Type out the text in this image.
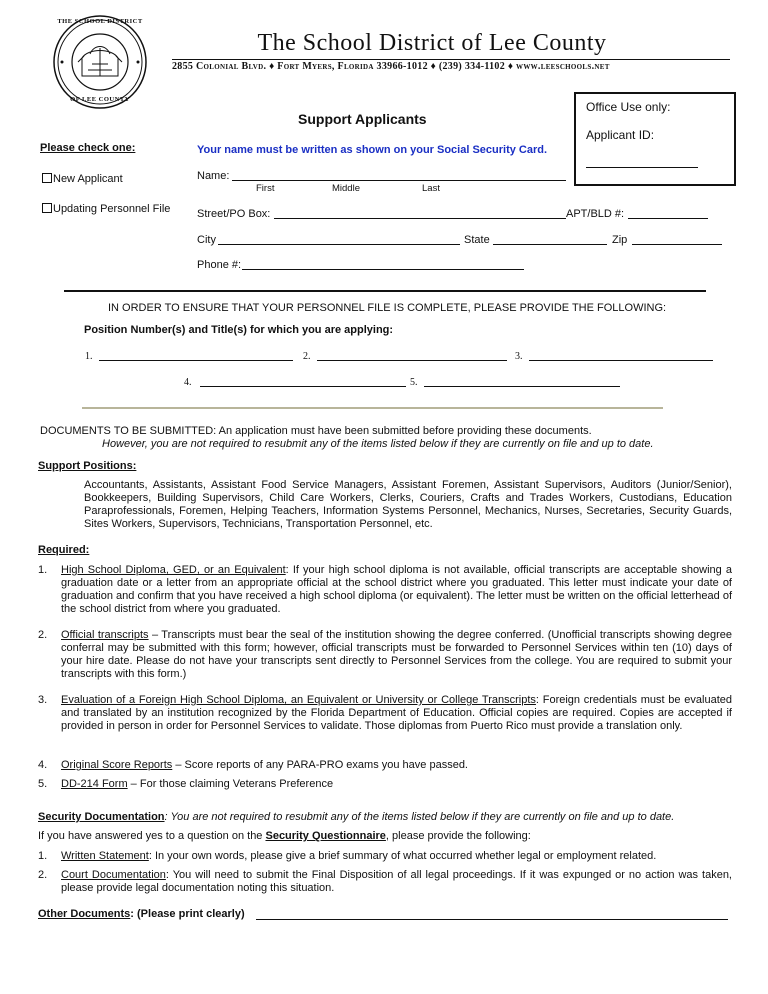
THE SCHOOL DISTRICT
OF LEE COUNTY
The School District of Lee County
2855 Colonial Blvd. ♦ Fort Myers, Florida 33966-1012 ♦ (239) 334-1102 ♦ www.leeschools.net
Office Use only:
Applicant ID:
Support Applicants
Please check one:
New Applicant
Updating Personnel File
Your name must be written as shown on your Social Security Card.
Name:
First	Middle	Last
Street/PO Box:	APT/BLD #:
City	State	Zip
Phone #:
IN ORDER TO ENSURE THAT YOUR PERSONNEL FILE IS COMPLETE, PLEASE PROVIDE THE FOLLOWING:
Position Number(s) and Title(s) for which you are applying:
1.	2.	3.
4.	5.
DOCUMENTS TO BE SUBMITTED: An application must have been submitted before providing these documents.
However, you are not required to resubmit any of the items listed below if they are currently on file and up to date.
Support Positions:
Accountants, Assistants, Assistant Food Service Managers, Assistant Foremen, Assistant Supervisors, Auditors (Junior/Senior), Bookkeepers, Building Supervisors, Child Care Workers, Clerks, Couriers, Crafts and Trades Workers, Custodians, Education Paraprofessionals, Foremen, Helping Teachers, Information Systems Personnel, Mechanics, Nurses, Secretaries, Security Guards, Sites Workers, Supervisors, Technicians, Transportation Personnel, etc.
Required:
1. High School Diploma, GED, or an Equivalent: If your high school diploma is not available, official transcripts are acceptable showing a graduation date or a letter from an appropriate official at the school district where you graduated. This letter must indicate your date of graduation and confirm that you have received a high school diploma (or equivalent). The letter must be written on the official letterhead of the school district from where you graduated.
2. Official transcripts – Transcripts must bear the seal of the institution showing the degree conferred. (Unofficial transcripts showing degree conferral may be submitted with this form; however, official transcripts must be forwarded to Personnel Services within ten (10) days of your hire date. Please do not have your transcripts sent directly to Personnel Services from the college. You are required to submit your transcripts with this form.)
3. Evaluation of a Foreign High School Diploma, an Equivalent or University or College Transcripts: Foreign credentials must be evaluated and translated by an institution recognized by the Florida Department of Education. Official copies are required. Copies are accepted if provided in person in order for Personnel Services to validate. Those diplomas from Puerto Rico must provide a translation only.
4. Original Score Reports – Score reports of any PARA-PRO exams you have passed.
5. DD-214 Form – For those claiming Veterans Preference
Security Documentation: You are not required to resubmit any of the items listed below if they are currently on file and up to date.
If you have answered yes to a question on the Security Questionnaire, please provide the following:
1. Written Statement: In your own words, please give a brief summary of what occurred whether legal or employment related.
2. Court Documentation: You will need to submit the Final Disposition of all legal proceedings. If it was expunged or no action was taken, please provide legal documentation noting this situation.
Other Documents: (Please print clearly)
